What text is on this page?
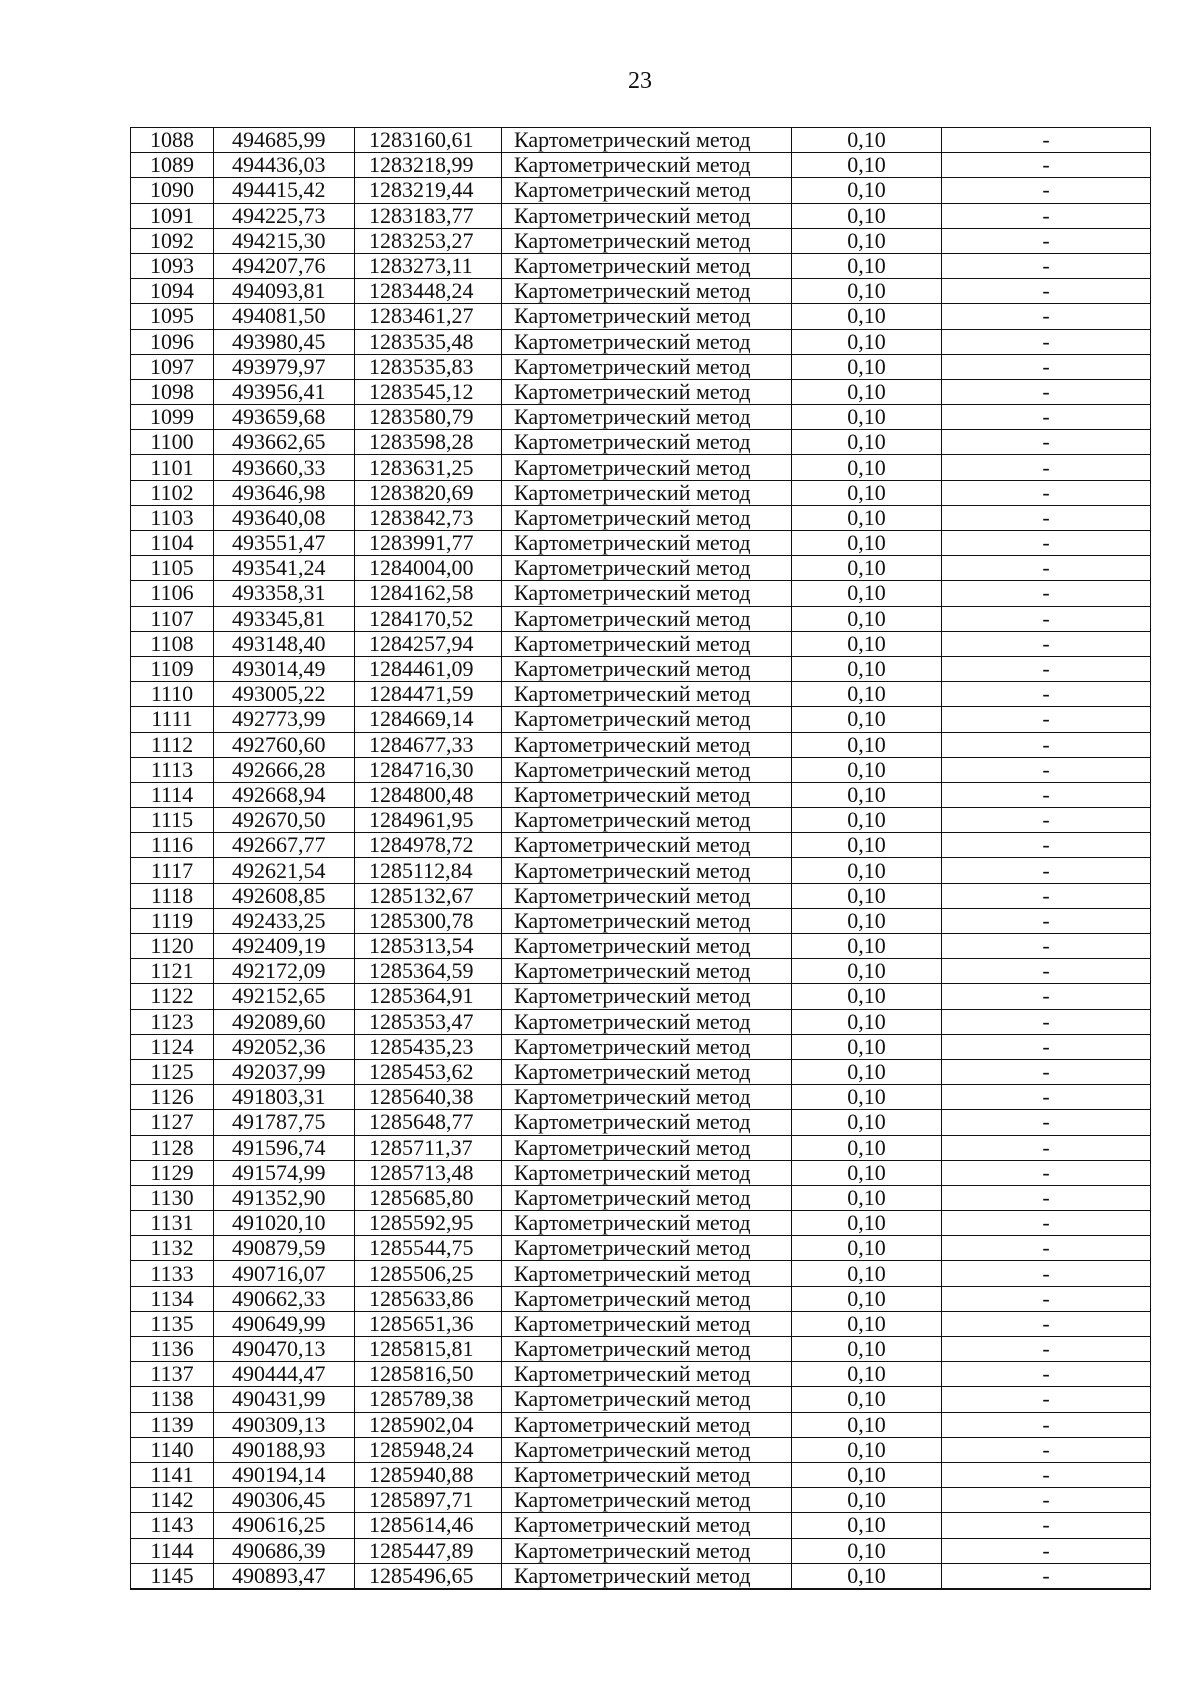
23
1088	494685,99	1283160,61	Картометрический метод	0,10	-
1089	494436,03	1283218,99	Картометрический метод	0,10	-
1090	494415,42	1283219,44	Картометрический метод	0,10	-
1091	494225,73	1283183,77	Картометрический метод	0,10	-
1092	494215,30	1283253,27	Картометрический метод	0,10	-
1093	494207,76	1283273,11	Картометрический метод	0,10	-
1094	494093,81	1283448,24	Картометрический метод	0,10	-
1095	494081,50	1283461,27	Картометрический метод	0,10	-
1096	493980,45	1283535,48	Картометрический метод	0,10	-
1097	493979,97	1283535,83	Картометрический метод	0,10	-
1098	493956,41	1283545,12	Картометрический метод	0,10	-
1099	493659,68	1283580,79	Картометрический метод	0,10	-
1100	493662,65	1283598,28	Картометрический метод	0,10	-
1101	493660,33	1283631,25	Картометрический метод	0,10	-
1102	493646,98	1283820,69	Картометрический метод	0,10	-
1103	493640,08	1283842,73	Картометрический метод	0,10	-
1104	493551,47	1283991,77	Картометрический метод	0,10	-
1105	493541,24	1284004,00	Картометрический метод	0,10	-
1106	493358,31	1284162,58	Картометрический метод	0,10	-
1107	493345,81	1284170,52	Картометрический метод	0,10	-
1108	493148,40	1284257,94	Картометрический метод	0,10	-
1109	493014,49	1284461,09	Картометрический метод	0,10	-
1110	493005,22	1284471,59	Картометрический метод	0,10	-
1111	492773,99	1284669,14	Картометрический метод	0,10	-
1112	492760,60	1284677,33	Картометрический метод	0,10	-
1113	492666,28	1284716,30	Картометрический метод	0,10	-
1114	492668,94	1284800,48	Картометрический метод	0,10	-
1115	492670,50	1284961,95	Картометрический метод	0,10	-
1116	492667,77	1284978,72	Картометрический метод	0,10	-
1117	492621,54	1285112,84	Картометрический метод	0,10	-
1118	492608,85	1285132,67	Картометрический метод	0,10	-
1119	492433,25	1285300,78	Картометрический метод	0,10	-
1120	492409,19	1285313,54	Картометрический метод	0,10	-
1121	492172,09	1285364,59	Картометрический метод	0,10	-
1122	492152,65	1285364,91	Картометрический метод	0,10	-
1123	492089,60	1285353,47	Картометрический метод	0,10	-
1124	492052,36	1285435,23	Картометрический метод	0,10	-
1125	492037,99	1285453,62	Картометрический метод	0,10	-
1126	491803,31	1285640,38	Картометрический метод	0,10	-
1127	491787,75	1285648,77	Картометрический метод	0,10	-
1128	491596,74	1285711,37	Картометрический метод	0,10	-
1129	491574,99	1285713,48	Картометрический метод	0,10	-
1130	491352,90	1285685,80	Картометрический метод	0,10	-
1131	491020,10	1285592,95	Картометрический метод	0,10	-
1132	490879,59	1285544,75	Картометрический метод	0,10	-
1133	490716,07	1285506,25	Картометрический метод	0,10	-
1134	490662,33	1285633,86	Картометрический метод	0,10	-
1135	490649,99	1285651,36	Картометрический метод	0,10	-
1136	490470,13	1285815,81	Картометрический метод	0,10	-
1137	490444,47	1285816,50	Картометрический метод	0,10	-
1138	490431,99	1285789,38	Картометрический метод	0,10	-
1139	490309,13	1285902,04	Картометрический метод	0,10	-
1140	490188,93	1285948,24	Картометрический метод	0,10	-
1141	490194,14	1285940,88	Картометрический метод	0,10	-
1142	490306,45	1285897,71	Картометрический метод	0,10	-
1143	490616,25	1285614,46	Картометрический метод	0,10	-
1144	490686,39	1285447,89	Картометрический метод	0,10	-
1145	490893,47	1285496,65	Картометрический метод	0,10	-
